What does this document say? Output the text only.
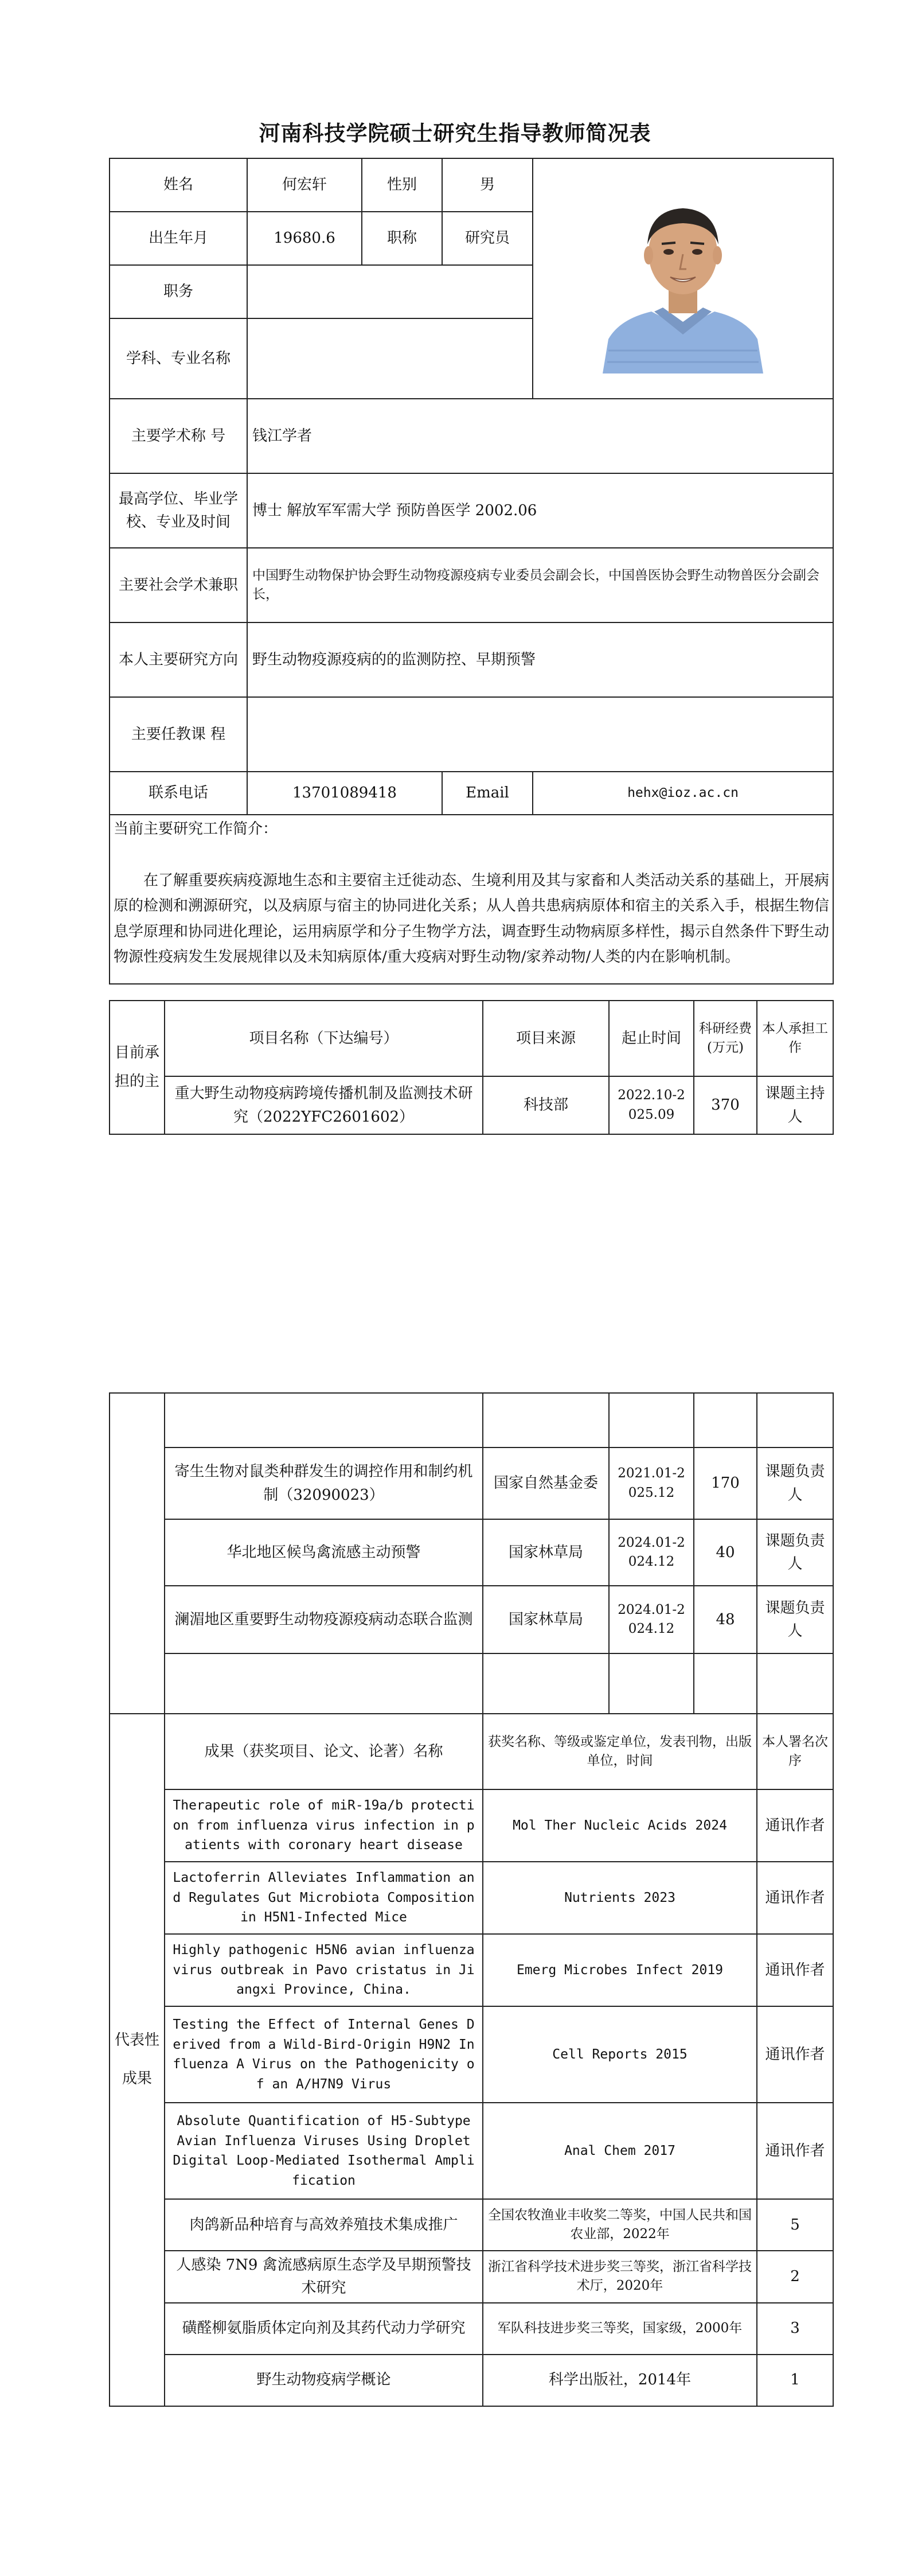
河南科技学院硕士研究生指导教师简况表
姓名	何宏轩	性别	男	

出生年月	19680.6	职称	研究员	
职务				
学科、专业名称				
主要学术称 号	钱江学者			
最高学位、毕业学校、专业及时间	博士 解放军军需大学 预防兽医学 2002.06			
主要社会学术兼职	中国野生动物保护协会野生动物疫源疫病专业委员会副会长，中国兽医协会野生动物兽医分会副会长，			
本人主要研究方向	野生动物疫源疫病的的监测防控、早期预警			
主要任教课 程				
联系电话	13701089418		Email	hehx@ioz.ac.cn

当前主要研究工作简介：
在了解重要疾病疫源地生态和主要宿主迁徙动态、生境利用及其与家畜和人类活动关系的基础上，开展病原的检测和溯源研究，以及病原与宿主的协同进化关系；从人兽共患病病原体和宿主的关系入手，根据生物信息学原理和协同进化理论，运用病原学和分子生物学方法，调查野生动物病原多样性，揭示自然条件下野生动物源性疫病发生发展规律以及未知病原体/重大疫病对野生动物/家养动物/人类的内在影响机制。				
目前承担的主	项目名称（下达编号）	项目来源	起止时间	科研经费(万元)	本人承担工作
	重大野生动物疫病跨境传播机制及监测技术研究（2022YFC2601602）	科技部	2022.10-2025.09	370	课题主持人

	寄生生物对鼠类种群发生的调控作用和制约机制（32090023）	国家自然基金委	2021.01-2025.12	170	课题负责人
	华北地区候鸟禽流感主动预警	国家林草局	2024.01-2024.12	40	课题负责人
	澜湄地区重要野生动物疫源疫病动态联合监测	国家林草局	2024.01-2024.12	48	课题负责人

代表性成果	成果（获奖项目、论文、论著）名称	获奖名称、等级或鉴定单位，发表刊物，出版单位，时间			本人署名次序
	Therapeutic role of miR-19a/b protection from influenza virus infection in patients with coronary heart disease	Mol Ther Nucleic Acids 2024			通讯作者
	Lactoferrin Alleviates Inflammation and Regulates Gut Microbiota Composition in H5N1-Infected Mice	Nutrients 2023			通讯作者
	Highly pathogenic H5N6 avian influenza virus outbreak in Pavo cristatus in Jiangxi Province, China.	Emerg Microbes Infect 2019			通讯作者
	Testing the Effect of Internal Genes Derived from a Wild-Bird-Origin H9N2 Influenza A Virus on the Pathogenicity of an A/H7N9 Virus	Cell Reports 2015			通讯作者
	Absolute Quantification of H5-Subtype Avian Influenza Viruses Using Droplet Digital Loop-Mediated Isothermal Amplification	Anal Chem 2017			通讯作者
	肉鸽新品种培育与高效养殖技术集成推广	全国农牧渔业丰收奖二等奖，中国人民共和国农业部，2022年			5
	人感染 7N9 禽流感病原生态学及早期预警技术研究	浙江省科学技术进步奖三等奖，浙江省科学技术厅，2020年			2
	磺醛柳氨脂质体定向剂及其药代动力学研究	军队科技进步奖三等奖，国家级，2000年			3
	野生动物疫病学概论	科学出版社，2014年			1
